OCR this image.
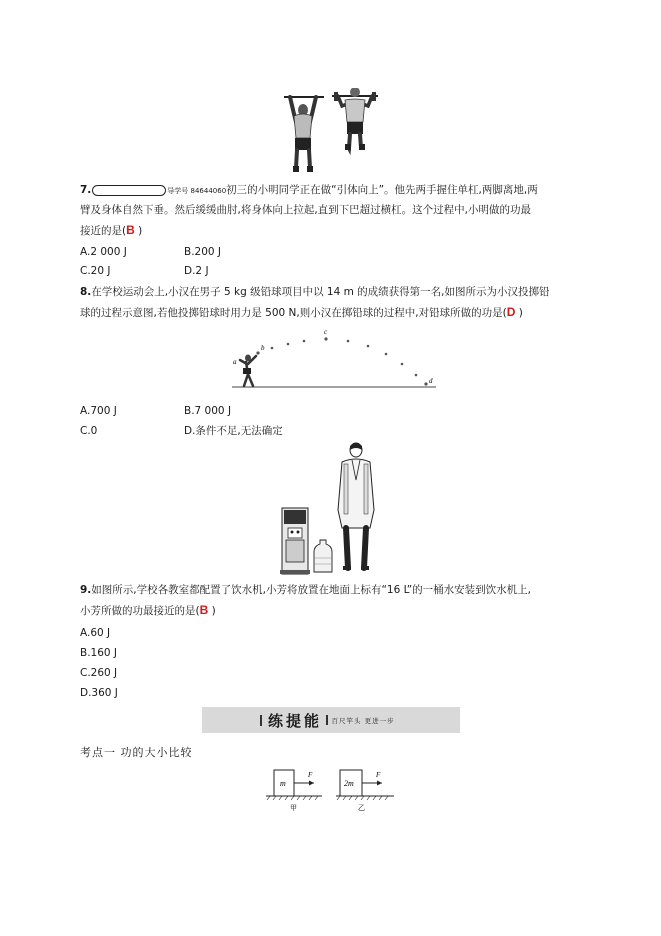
7.	导学号 84644060初三的小明同学正在做“引体向上”。他先两手握住单杠,两脚离地,两
臂及身体自然下垂。然后缓缓曲肘,将身体向上拉起,直到下巴超过横杠。这个过程中,小明做的功最
接近的是(B )
A.2 000 J	B.200 J
C.20 J	D.2 J
8.在学校运动会上,小汉在男子 5 kg 级铅球项目中以 14 m 的成绩获得第一名,如图所示为小汉投掷铅
球的过程示意图,若他投掷铅球时用力是 500 N,则小汉在掷铅球的过程中,对铅球所做的功是(D )
a
b
c
d
A.700 J	B.7 000 J
C.0	D.条件不足,无法确定
9.如图所示,学校各教室都配置了饮水机,小芳将放置在地面上标有“16 L”的一桶水安装到饮水机上,
小芳所做的功最接近的是(B )
A.60 J
B.160 J
C.260 J
D.360 J
练提能 百尺竿头 更进一步
考点一 功的大小比较
m
F
甲
2m
F
乙
